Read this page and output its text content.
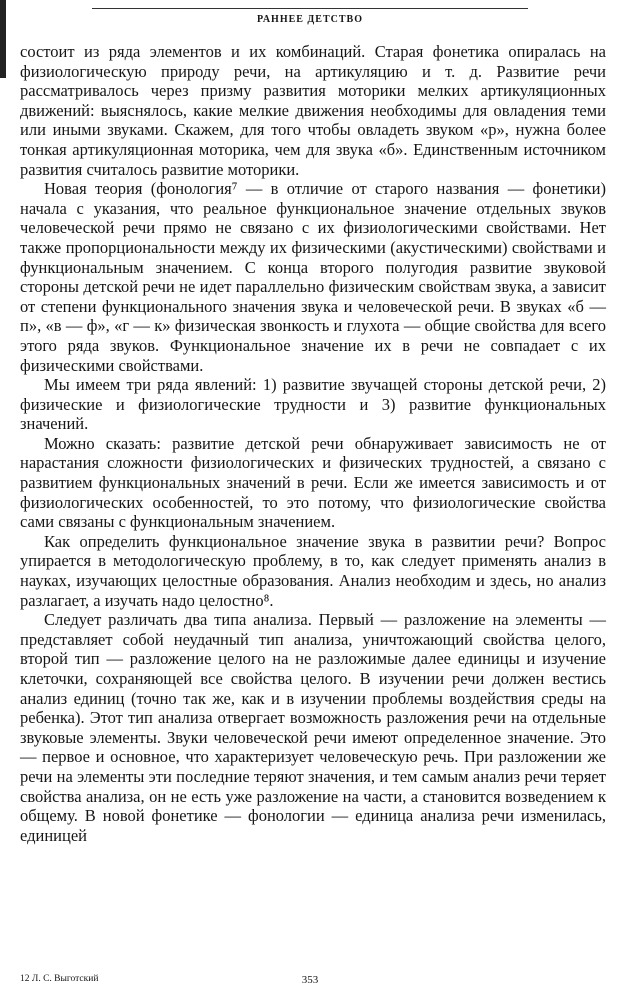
РАННЕЕ ДЕТСТВО

состоит из ряда элементов и их комбинаций. Старая фонетика опиралась на физиологическую природу речи, на артикуляцию и т. д. Развитие речи рассматривалось через призму развития моторики мелких артикуляционных движений: выяснялось, какие мелкие движения необходимы для овладения теми или иными звуками. Скажем, для того чтобы овладеть звуком «р», нужна более тонкая артикуляционная моторика, чем для звука «б». Единственным источником развития считалось развитие моторики.

Новая теория (фонология⁷ — в отличие от старого названия — фонетики) начала с указания, что реальное функциональное значение отдельных звуков человеческой речи прямо не связано с их физиологическими свойствами. Нет также пропорциональности между их физическими (акустическими) свойствами и функциональным значением. С конца второго полугодия развитие звуковой стороны детской речи не идет параллельно физическим свойствам звука, а зависит от степени функционального значения звука и человеческой речи. В звуках «б — п», «в — ф», «г — к» физическая звонкость и глухота — общие свойства для всего этого ряда звуков. Функциональное значение их в речи не совпадает с их физическими свойствами.

Мы имеем три ряда явлений: 1) развитие звучащей стороны детской речи, 2) физические и физиологические трудности и 3) развитие функциональных значений.

Можно сказать: развитие детской речи обнаруживает зависимость не от нарастания сложности физиологических и физических трудностей, а связано с развитием функциональных значений в речи. Если же имеется зависимость и от физиологических особенностей, то это потому, что физиологические свойства сами связаны с функциональным значением.

Как определить функциональное значение звука в развитии речи? Вопрос упирается в методологическую проблему, в то, как следует применять анализ в науках, изучающих целостные образования. Анализ необходим и здесь, но анализ разлагает, а изучать надо целостно⁸.

Следует различать два типа анализа. Первый — разложение на элементы — представляет собой неудачный тип анализа, уничтожающий свойства целого, второй тип — разложение целого на не разложимые далее единицы и изучение клеточки, сохраняющей все свойства целого. В изучении речи должен вестись анализ единиц (точно так же, как и в изучении проблемы воздействия среды на ребенка). Этот тип анализа отвергает возможность разложения речи на отдельные звуковые элементы. Звуки человеческой речи имеют определенное значение. Это — первое и основное, что характеризует человеческую речь. При разложении же речи на элементы эти последние теряют значения, и тем самым анализ речи теряет свойства анализа, он не есть уже разложение на части, а становится возведением к общему. В новой фонетике — фонологии — единица анализа речи изменилась, единицей

12 Л. С. Выготский	353
